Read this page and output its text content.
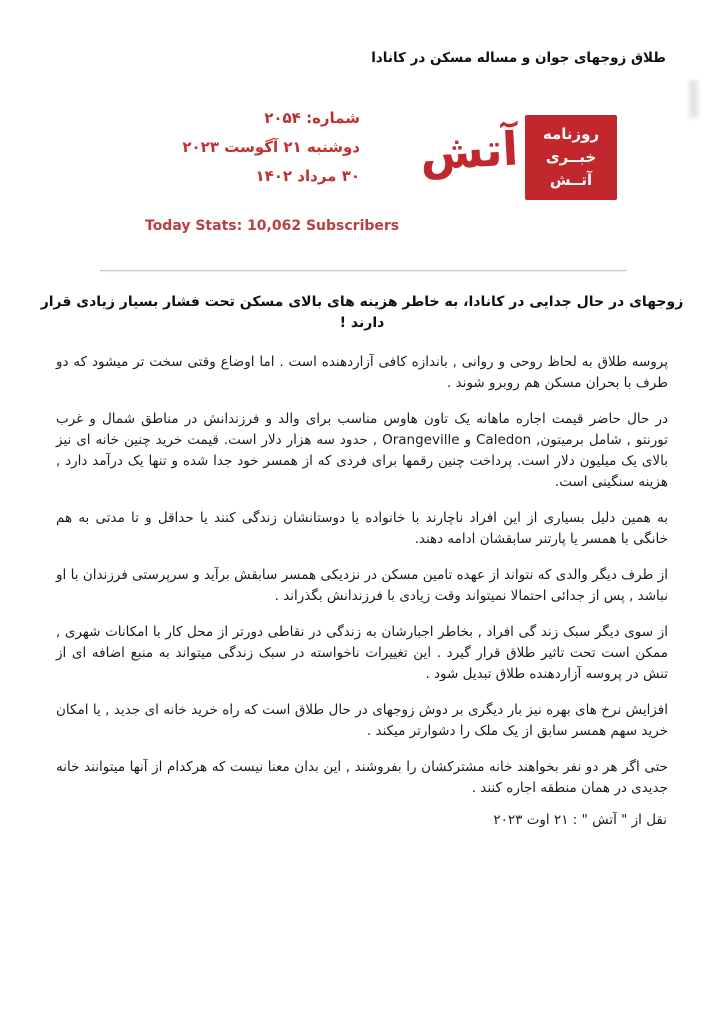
طلاق زوجهای جوان و مساله مسکن در کانادا
شماره: ۲۰۵۴
دوشنبه ۲۱ آگوست ۲۰۲۳
۳۰ مرداد ۱۴۰۲
روزنامه
خبــری
آتــش
آتش
Today Stats: 10,062 Subscribers
زوجهای در حال جدایی در کانادا، به خاطر هزینه های بالای مسکن تحت فشار بسیار زیادی قرار دارند !

پروسه طلاق به لحاظ روحی و روانی , باندازه کافی آزاردهنده است . اما اوضاع وقتی سخت تر میشود که دو طرف با بحران مسکن هم روبرو شوند .

در حال حاضر قیمت اجاره ماهانه یک تاون هاوس مناسب برای والد و فرزندانش در مناطق شمال و غرب تورنتو , شامل برمیتون, Caledon و Orangeville , حدود سه هزار دلار است. قیمت خرید چنین خانه ای نیز بالای یک میلیون دلار است. پرداخت چنین رقمها برای فردی که از همسر خود جدا شده و تنها یک درآمد دارد , هزینه سنگینی است.

به همین دلیل بسیاری از این افراد ناچارند با خانواده یا دوستانشان زندگی کنند یا حداقل و تا مدتی به هم خانگی با همسر یا پارتنر سابقشان ادامه دهند.

از طرف دیگر والدی که نتواند از عهده تامین مسکن در نزدیکی همسر سابقش برآید و سرپرستی فرزندان با او نباشد , پس از جدائی احتمالا نمیتواند وقت زیادی با فرزندانش بگذراند .

از سوی دیگر سبک زند گی افراد , بخاطر اجبارشان به زندگی در نقاطی دورتر از محل کار با امکانات شهری , ممکن است تحت تاثیر طلاق قرار گیرد . این تغییرات ناخواسته در سبک زندگی میتواند به منبع اضافه ای از تنش در پروسه آزاردهنده طلاق تبدیل شود .

افزایش نرخ های بهره نیز بار دیگری بر دوش زوجهای در حال طلاق است که راه خرید خانه ای جدید , یا امکان خرید سهم همسر سابق از یک ملک را دشوارتر میکند .

حتی اگر هر دو نفر بخواهند خانه مشترکشان را بفروشند , این بدان معنا نیست که هرکدام از آنها میتوانند خانه جدیدی در همان منطقه اجاره کنند .

نقل از " آتش " : ۲۱ اوت ۲۰۲۳
